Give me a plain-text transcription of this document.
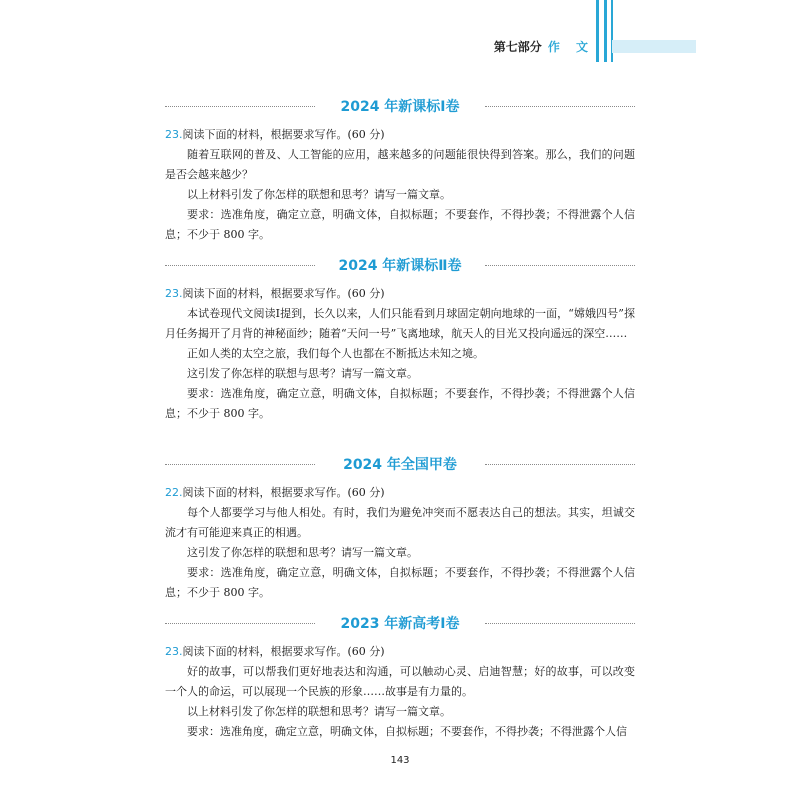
第七部分 作 文
2024 年新课标Ⅰ卷

23.阅读下面的材料，根据要求写作。(60 分)

随着互联网的普及、人工智能的应用，越来越多的问题能很快得到答案。那么，我们的问题是否会越来越少？

以上材料引发了你怎样的联想和思考？请写一篇文章。

要求：选准角度，确定立意，明确文体，自拟标题；不要套作，不得抄袭；不得泄露个人信息；不少于 800 字。

2024 年新课标Ⅱ卷

23.阅读下面的材料，根据要求写作。(60 分)

本试卷现代文阅读Ⅰ提到，长久以来，人们只能看到月球固定朝向地球的一面，“嫦娥四号”探月任务揭开了月背的神秘面纱；随着“天问一号”飞离地球，航天人的目光又投向遥远的深空……

正如人类的太空之旅，我们每个人也都在不断抵达未知之境。

这引发了你怎样的联想与思考？请写一篇文章。

要求：选准角度，确定立意，明确文体，自拟标题；不要套作，不得抄袭；不得泄露个人信息；不少于 800 字。

2024 年全国甲卷

22.阅读下面的材料，根据要求写作。(60 分)

每个人都要学习与他人相处。有时，我们为避免冲突而不愿表达自己的想法。其实，坦诚交流才有可能迎来真正的相遇。

这引发了你怎样的联想和思考？请写一篇文章。

要求：选准角度，确定立意，明确文体，自拟标题；不要套作，不得抄袭；不得泄露个人信息；不少于 800 字。

2023 年新高考Ⅰ卷

23.阅读下面的材料，根据要求写作。(60 分)

好的故事，可以帮我们更好地表达和沟通，可以触动心灵、启迪智慧；好的故事，可以改变一个人的命运，可以展现一个民族的形象……故事是有力量的。

以上材料引发了你怎样的联想和思考？请写一篇文章。

要求：选准角度，确定立意，明确文体，自拟标题；不要套作，不得抄袭；不得泄露个人信

143
